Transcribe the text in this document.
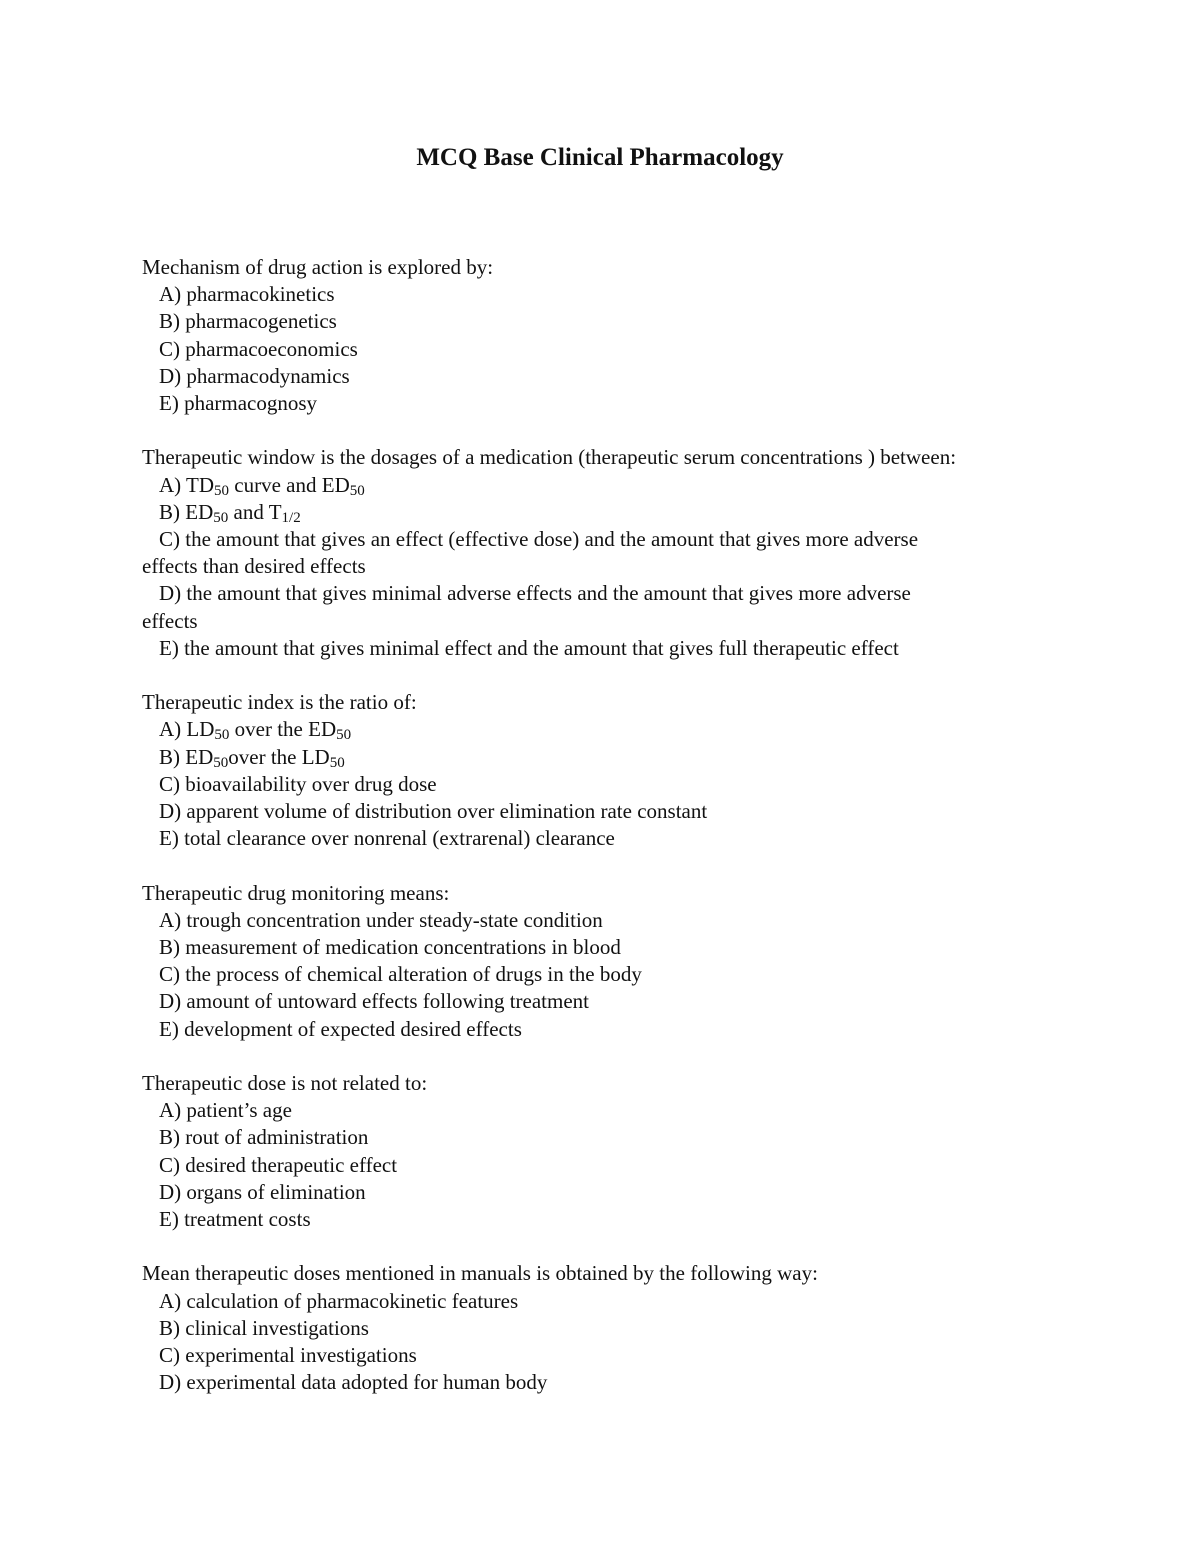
MCQ Base Clinical Pharmacology
Mechanism of drug action is explored by:
A) pharmacokinetics
B) pharmacogenetics
C) pharmacoeconomics
D) pharmacodynamics
E) pharmacognosy
Therapeutic window is the dosages of a medication (therapeutic serum concentrations ) between:
A) $TD_{50}$ curve and $ED_{50}$
B) $ED_{50}$ and $T_{1/2}$
C) the amount that gives an effect (effective dose) and the amount that gives more adverse
effects than desired effects
D) the amount that gives minimal adverse effects and the amount that gives more adverse
effects
E) the amount that gives minimal effect and the amount that gives full therapeutic effect
Therapeutic index is the ratio of:
A) $LD_{50}$ over the $ED_{50}$
B) $ED_{50}over$ the $LD_{50}$
C) bioavailability over drug dose
D) apparent volume of distribution over elimination rate constant
E) total clearance over nonrenal (extrarenal) clearance
Therapeutic drug monitoring means:
A) trough concentration under steady-state condition
B) measurement of medication concentrations in blood
C) the process of chemical alteration of drugs in the body
D) amount of untoward effects following treatment
E) development of expected desired effects
Therapeutic dose is not related to:
A) patient’s age
B) rout of administration
C) desired therapeutic effect
D) organs of elimination
E) treatment costs
Mean therapeutic doses mentioned in manuals is obtained by the following way:
A) calculation of pharmacokinetic features
B) clinical investigations
C) experimental investigations
D) experimental data adopted for human body
